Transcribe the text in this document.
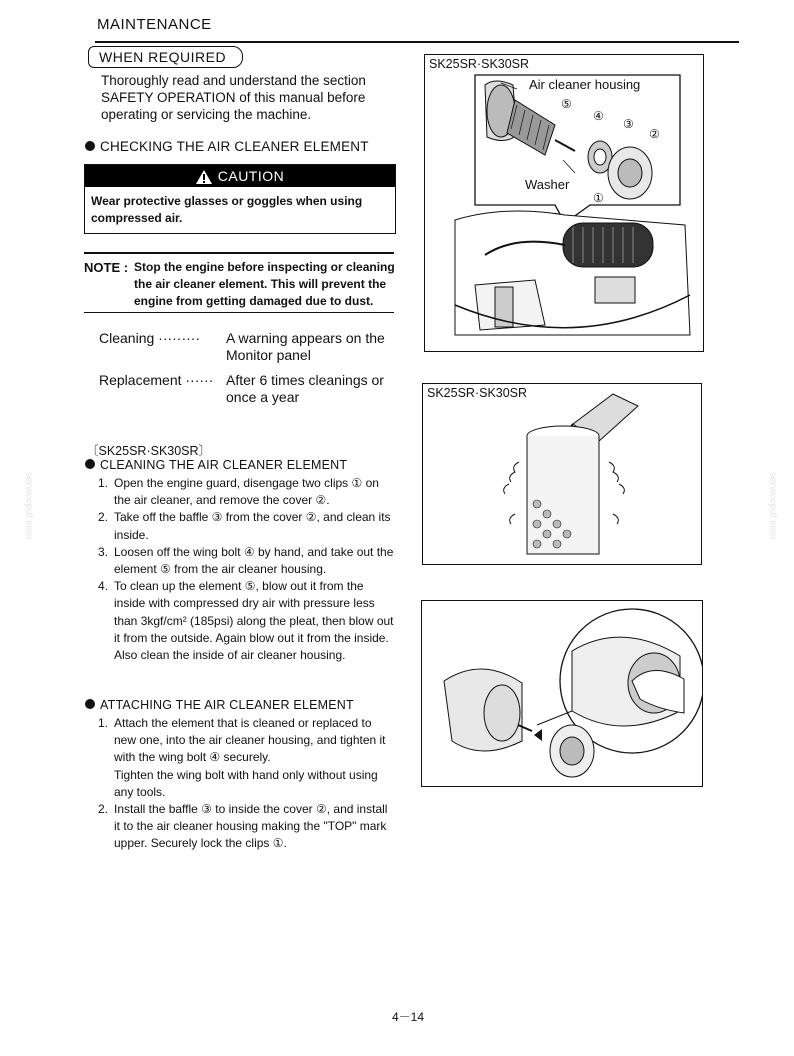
MAINTENANCE
WHEN REQUIRED
Thoroughly read and understand the section SAFETY OPERATION of this manual before operating or servicing the machine.
CHECKING THE AIR CLEANER ELEMENT
CAUTION
Wear protective glasses or goggles when using compressed air.
NOTE : Stop the engine before inspecting or cleaning the air cleaner element. This will prevent the engine from getting damaged due to dust.
Cleaning ········· A warning appears on the Monitor panel
Replacement ······ After 6 times cleanings or once a year
〔SK25SR·SK30SR〕
CLEANING THE AIR CLEANER ELEMENT
1. Open the engine guard, disengage two clips ① on the air cleaner, and remove the cover ②.
2. Take off the baffle ③ from the cover ②, and clean its inside.
3. Loosen off the wing bolt ④ by hand, and take out the element ⑤ from the air cleaner housing.
4. To clean up the element ⑤, blow out it from the inside with compressed dry air with pressure less than 3kgf/cm² (185psi) along the pleat, then blow out it from the outside. Again blow out it from the inside.
Also clean the inside of air cleaner housing.
ATTACHING THE AIR CLEANER ELEMENT
1. Attach the element that is cleaned or replaced to new one, into the air cleaner housing, and tighten it with the wing bolt ④ securely.
Tighten the wing bolt with hand only without using any tools.
2. Install the baffle ③ to inside the cover ②, and install it to the air cleaner housing making the "TOP" mark upper. Securely lock the clips ①.
SK25SR·SK30SR
Air cleaner housing
Washer
⑤
④
③
②
①
SK25SR·SK30SR
servicepdf.com	servicepdf.com
4－14
